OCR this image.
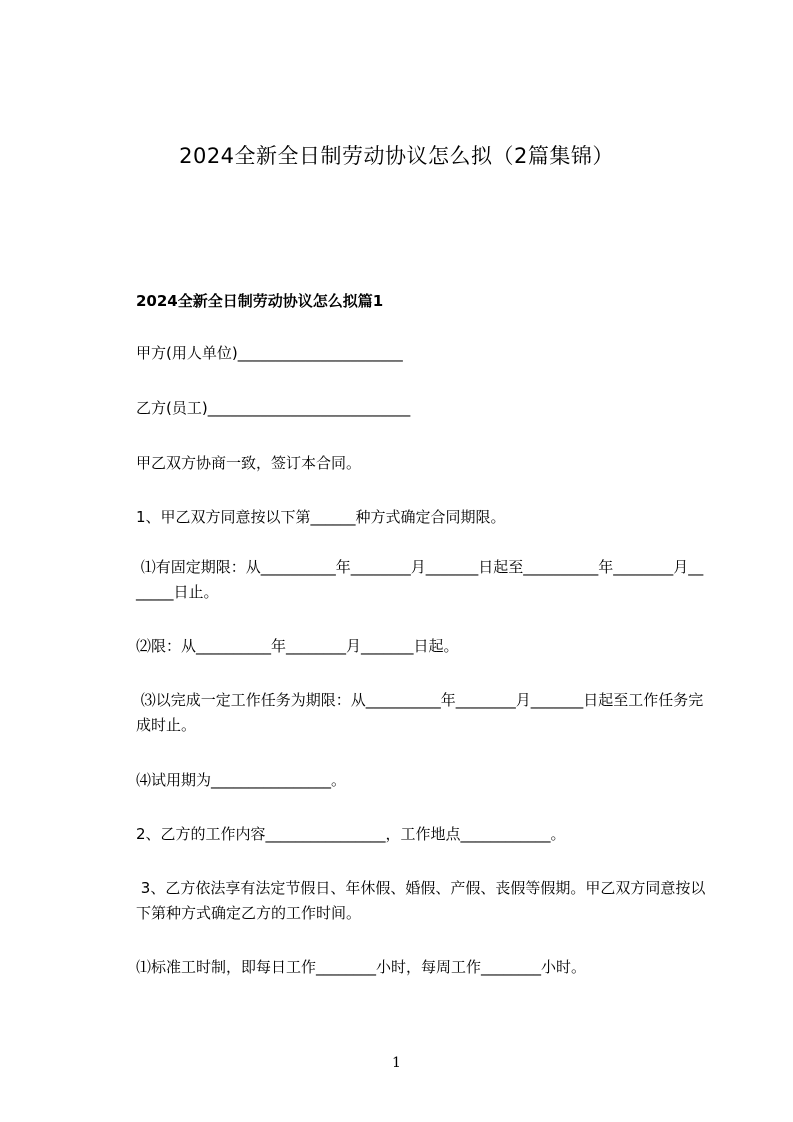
2024全新全日制劳动协议怎么拟（2篇集锦）
2024全新全日制劳动协议怎么拟篇1
甲方(用人单位)______________________
乙方(员工)___________________________
甲乙双方协商一致，签订本合同。
1、甲乙双方同意按以下第______种方式确定合同期限。
⑴有固定期限：从__________年________月_______日起至__________年________月_______日止。
⑵限：从__________年________月_______日起。
⑶以完成一定工作任务为期限：从__________年________月_______日起至工作任务完成时止。
⑷试用期为________________。
2、乙方的工作内容________________，工作地点____________。
3、乙方依法享有法定节假日、年休假、婚假、产假、丧假等假期。甲乙双方同意按以下第种方式确定乙方的工作时间。
⑴标准工时制，即每日工作________小时，每周工作________小时。
1
